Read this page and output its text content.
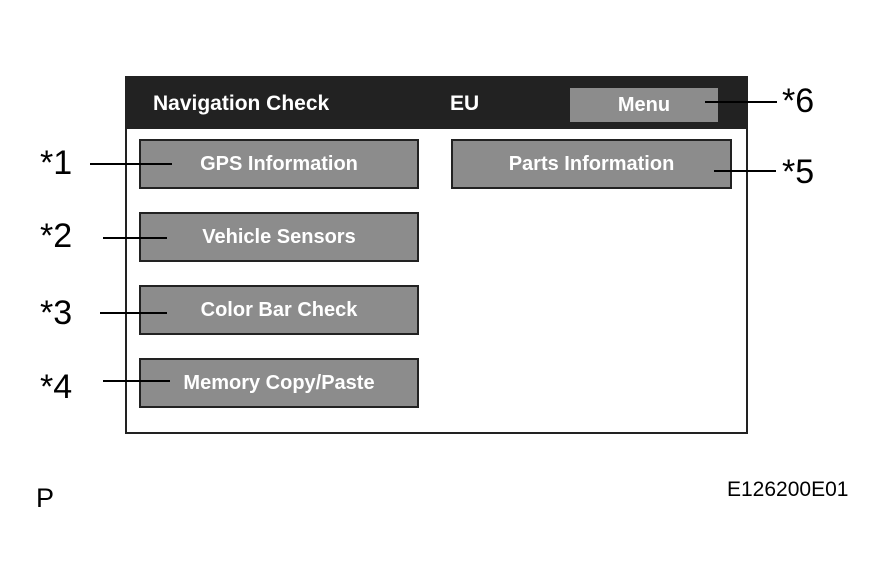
Navigation Check	EU	Menu
GPS Information
Vehicle Sensors
Color Bar Check
Memory Copy/Paste
Parts Information
*1
*2
*3
*4
*5
*6
P	E126200E01
